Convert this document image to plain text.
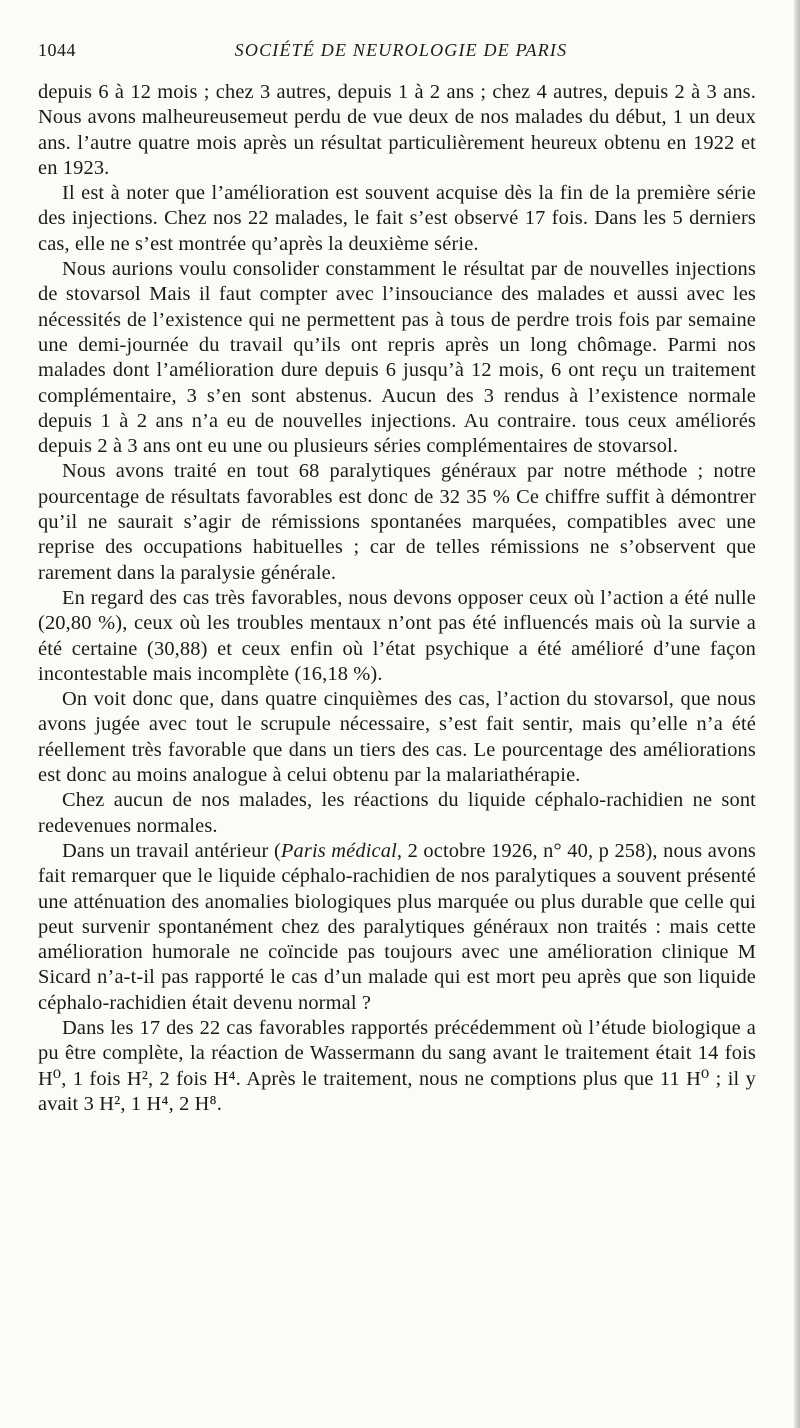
1044	SOCIÉTÉ DE NEUROLOGIE DE PARIS

depuis 6 à 12 mois ; chez 3 autres, depuis 1 à 2 ans ; chez 4 autres, depuis 2 à 3 ans. Nous avons malheureusemeut perdu de vue deux de nos malades du début, 1 un deux ans. l’autre quatre mois après un résultat particulièrement heureux obtenu en 1922 et en 1923.

Il est à noter que l’amélioration est souvent acquise dès la fin de la première série des injections. Chez nos 22 malades, le fait s’est observé 17 fois. Dans les 5 derniers cas, elle ne s’est montrée qu’après la deuxième série.

Nous aurions voulu consolider constamment le résultat par de nouvelles injections de stovarsol Mais il faut compter avec l’insouciance des malades et aussi avec les nécessités de l’existence qui ne permettent pas à tous de perdre trois fois par semaine une demi-journée du travail qu’ils ont repris après un long chômage. Parmi nos malades dont l’amélioration dure depuis 6 jusqu’à 12 mois, 6 ont reçu un traitement complémentaire, 3 s’en sont abstenus. Aucun des 3 rendus à l’existence normale depuis 1 à 2 ans n’a eu de nouvelles injections. Au contraire. tous ceux améliorés depuis 2 à 3 ans ont eu une ou plusieurs séries complémentaires de stovarsol.

Nous avons traité en tout 68 paralytiques généraux par notre méthode ; notre pourcentage de résultats favorables est donc de 32 35 % Ce chiffre suffit à démontrer qu’il ne saurait s’agir de rémissions spontanées marquées, compatibles avec une reprise des occupations habituelles ; car de telles rémissions ne s’observent que rarement dans la paralysie générale.

En regard des cas très favorables, nous devons opposer ceux où l’action a été nulle (20,80 %), ceux où les troubles mentaux n’ont pas été influencés mais où la survie a été certaine (30,88) et ceux enfin où l’état psychique a été amélioré d’une façon incontestable mais incomplète (16,18 %).

On voit donc que, dans quatre cinquièmes des cas, l’action du stovarsol, que nous avons jugée avec tout le scrupule nécessaire, s’est fait sentir, mais qu’elle n’a été réellement très favorable que dans un tiers des cas. Le pourcentage des améliorations est donc au moins analogue à celui obtenu par la malariathérapie.

Chez aucun de nos malades, les réactions du liquide céphalo-rachidien ne sont redevenues normales.

Dans un travail antérieur (Paris médical, 2 octobre 1926, n° 40, p 258), nous avons fait remarquer que le liquide céphalo-rachidien de nos paralytiques a souvent présenté une atténuation des anomalies biologiques plus marquée ou plus durable que celle qui peut survenir spontanément chez des paralytiques généraux non traités : mais cette amélioration humorale ne coïncide pas toujours avec une amélioration clinique M Sicard n’a-t-il pas rapporté le cas d’un malade qui est mort peu après que son liquide céphalo-rachidien était devenu normal ?

Dans les 17 des 22 cas favorables rapportés précédemment où l’étude biologique a pu être complète, la réaction de Wassermann du sang avant le traitement était 14 fois H⁰, 1 fois H², 2 fois H⁴. Après le traitement, nous ne comptions plus que 11 H⁰ ; il y avait 3 H², 1 H⁴, 2 H⁸.
